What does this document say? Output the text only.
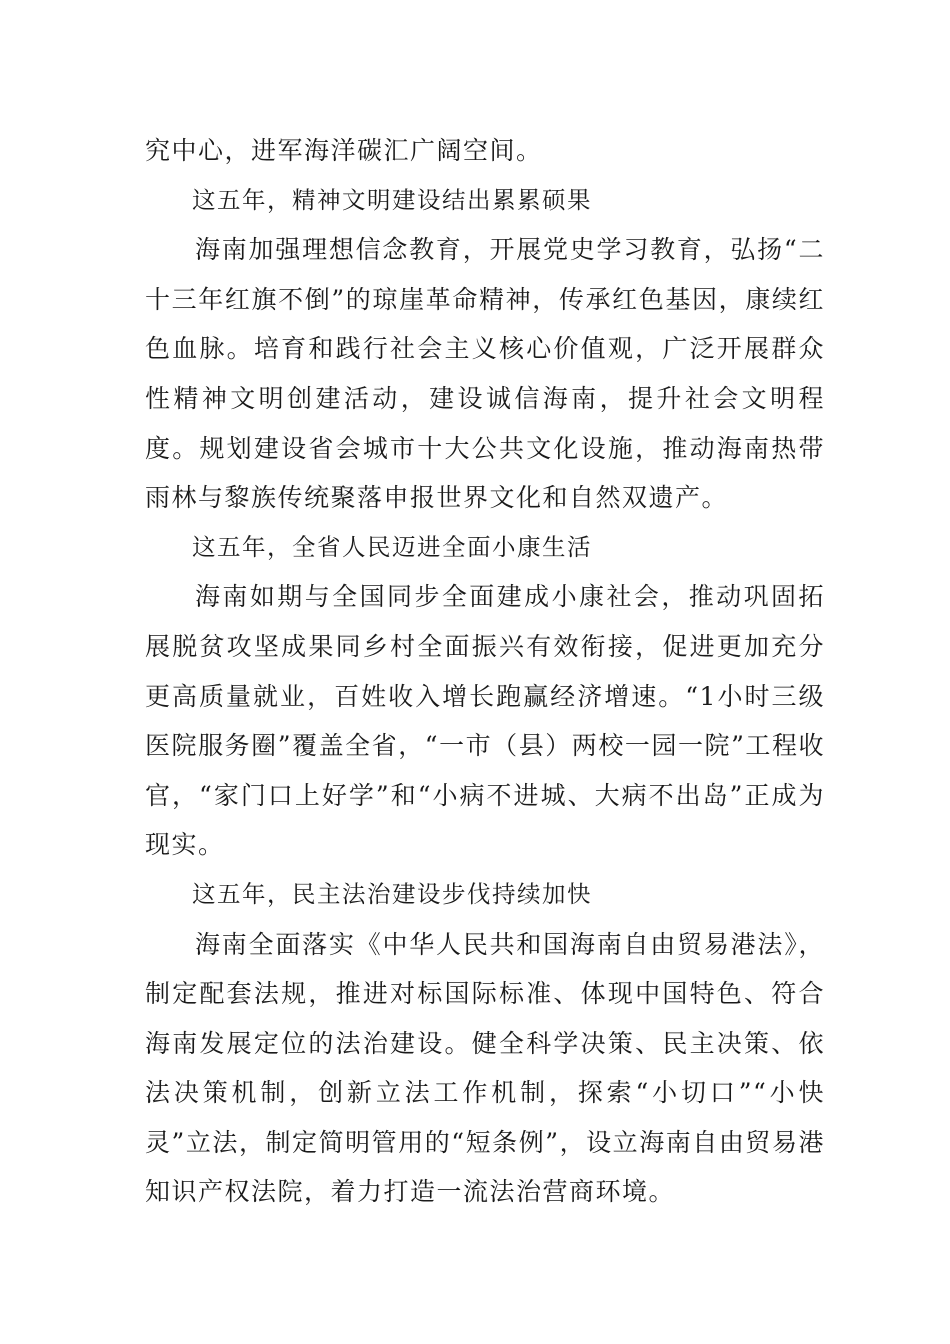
究中心，进军海洋碳汇广阔空间。

这五年，精神文明建设结出累累硕果

海南加强理想信念教育，开展党史学习教育，弘扬“二十三年红旗不倒”的琼崖革命精神，传承红色基因，康续红色血脉。培育和践行社会主义核心价值观，广泛开展群众性精神文明创建活动，建设诚信海南，提升社会文明程度。规划建设省会城市十大公共文化设施，推动海南热带雨林与黎族传统聚落申报世界文化和自然双遗产。

这五年，全省人民迈进全面小康生活

海南如期与全国同步全面建成小康社会，推动巩固拓展脱贫攻坚成果同乡村全面振兴有效衔接，促进更加充分更高质量就业，百姓收入增长跑赢经济增速。“1小时三级医院服务圈”覆盖全省，“一市（县）两校一园一院”工程收官，“家门口上好学”和“小病不进城、大病不出岛”正成为现实。

这五年，民主法治建设步伐持续加快

海南全面落实《中华人民共和国海南自由贸易港法》，制定配套法规，推进对标国际标准、体现中国特色、符合海南发展定位的法治建设。健全科学决策、民主决策、依法决策机制，创新立法工作机制，探索“小切口”“小快灵”立法，制定简明管用的“短条例”，设立海南自由贸易港知识产权法院，着力打造一流法治营商环境。
